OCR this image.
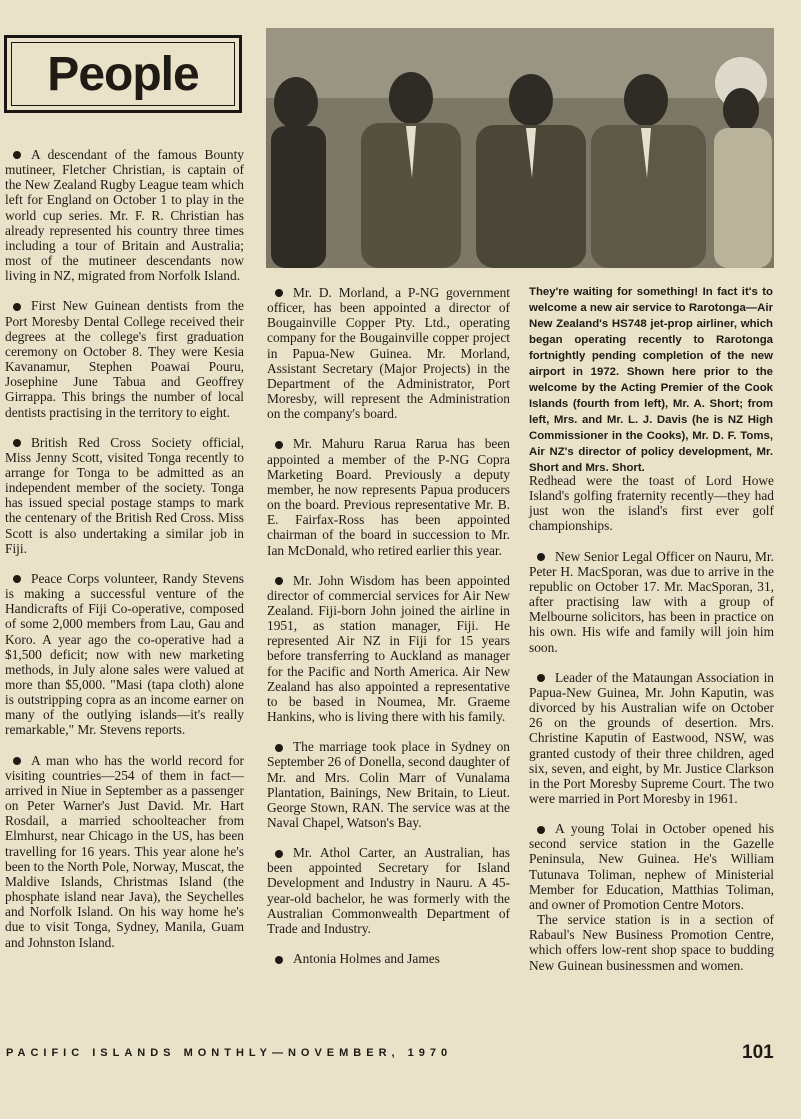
People
They're waiting for something! In fact it's to welcome a new air service to Rarotonga—Air New Zealand's HS748 jet-prop airliner, which began operating recently to Rarotonga fortnightly pending completion of the new airport in 1972. Shown here prior to the welcome by the Acting Premier of the Cook Islands (fourth from left), Mr. A. Short; from left, Mrs. and Mr. L. J. Davis (he is NZ High Commissioner in the Cooks), Mr. D. F. Toms, Air NZ's director of policy development, Mr. Short and Mrs. Short.

A descendant of the famous Bounty mutineer, Fletcher Christian, is captain of the New Zealand Rugby League team which left for England on October 1 to play in the world cup series. Mr. F. R. Christian has already represented his country three times including a tour of Britain and Australia; most of the mutineer descendants now living in NZ, migrated from Norfolk Island.

First New Guinean dentists from the Port Moresby Dental College received their degrees at the college's first graduation ceremony on October 8. They were Kesia Kavanamur, Stephen Poawai Pouru, Josephine June Tabua and Geoffrey Girrappa. This brings the number of local dentists practising in the territory to eight.

British Red Cross Society official, Miss Jenny Scott, visited Tonga recently to arrange for Tonga to be admitted as an independent member of the society. Tonga has issued special postage stamps to mark the centenary of the British Red Cross. Miss Scott is also undertaking a similar job in Fiji.

Peace Corps volunteer, Randy Stevens is making a successful venture of the Handicrafts of Fiji Co-operative, composed of some 2,000 members from Lau, Gau and Koro. A year ago the co-operative had a $1,500 deficit; now with new marketing methods, in July alone sales were valued at more than $5,000. "Masi (tapa cloth) alone is outstripping copra as an income earner on many of the outlying islands—it's really remarkable," Mr. Stevens reports.

A man who has the world record for visiting countries—254 of them in fact—arrived in Niue in September as a passenger on Peter Warner's Just David. Mr. Hart Rosdail, a married schoolteacher from Elmhurst, near Chicago in the US, has been travelling for 16 years. This year alone he's been to the North Pole, Norway, Muscat, the Maldive Islands, Christmas Island (the phosphate island near Java), the Seychelles and Norfolk Island. On his way home he's due to visit Tonga, Sydney, Manila, Guam and Johnston Island.

Mr. D. Morland, a P-NG government officer, has been appointed a director of Bougainville Copper Pty. Ltd., operating company for the Bougainville copper project in Papua-New Guinea. Mr. Morland, Assistant Secretary (Major Projects) in the Department of the Administrator, Port Moresby, will represent the Administration on the company's board.

Mr. Mahuru Rarua Rarua has been appointed a member of the P-NG Copra Marketing Board. Previously a deputy member, he now represents Papua producers on the board. Previous representative Mr. B. E. Fairfax-Ross has been appointed chairman of the board in succession to Mr. Ian McDonald, who retired earlier this year.

Mr. John Wisdom has been appointed director of commercial services for Air New Zealand. Fiji-born John joined the airline in 1951, as station manager, Fiji. He represented Air NZ in Fiji for 15 years before transferring to Auckland as manager for the Pacific and North America. Air New Zealand has also appointed a representative to be based in Noumea, Mr. Graeme Hankins, who is living there with his family.

The marriage took place in Sydney on September 26 of Donella, second daughter of Mr. and Mrs. Colin Marr of Vunalama Plantation, Bainings, New Britain, to Lieut. George Stown, RAN. The service was at the Naval Chapel, Watson's Bay.

Mr. Athol Carter, an Australian, has been appointed Secretary for Island Development and Industry in Nauru. A 45-year-old bachelor, he was formerly with the Australian Commonwealth Department of Trade and Industry.

Antonia Holmes and James

Redhead were the toast of Lord Howe Island's golfing fraternity recently—they had just won the island's first ever golf championships.

New Senior Legal Officer on Nauru, Mr. Peter H. MacSporan, was due to arrive in the republic on October 17. Mr. MacSporan, 31, after practising law with a group of Melbourne solicitors, has been in practice on his own. His wife and family will join him soon.

Leader of the Mataungan Association in Papua-New Guinea, Mr. John Kaputin, was divorced by his Australian wife on October 26 on the grounds of desertion. Mrs. Christine Kaputin of Eastwood, NSW, was granted custody of their three children, aged six, seven, and eight, by Mr. Justice Clarkson in the Port Moresby Supreme Court. The two were married in Port Moresby in 1961.

A young Tolai in October opened his second service station in the Gazelle Peninsula, New Guinea. He's William Tutunava Toliman, nephew of Ministerial Member for Education, Matthias Toliman, and owner of Promotion Centre Motors.

The service station is in a section of Rabaul's New Business Promotion Centre, which offers low-rent shop space to budding New Guinean businessmen and women.

PACIFIC ISLANDS MONTHLY—NOVEMBER, 1970	101
